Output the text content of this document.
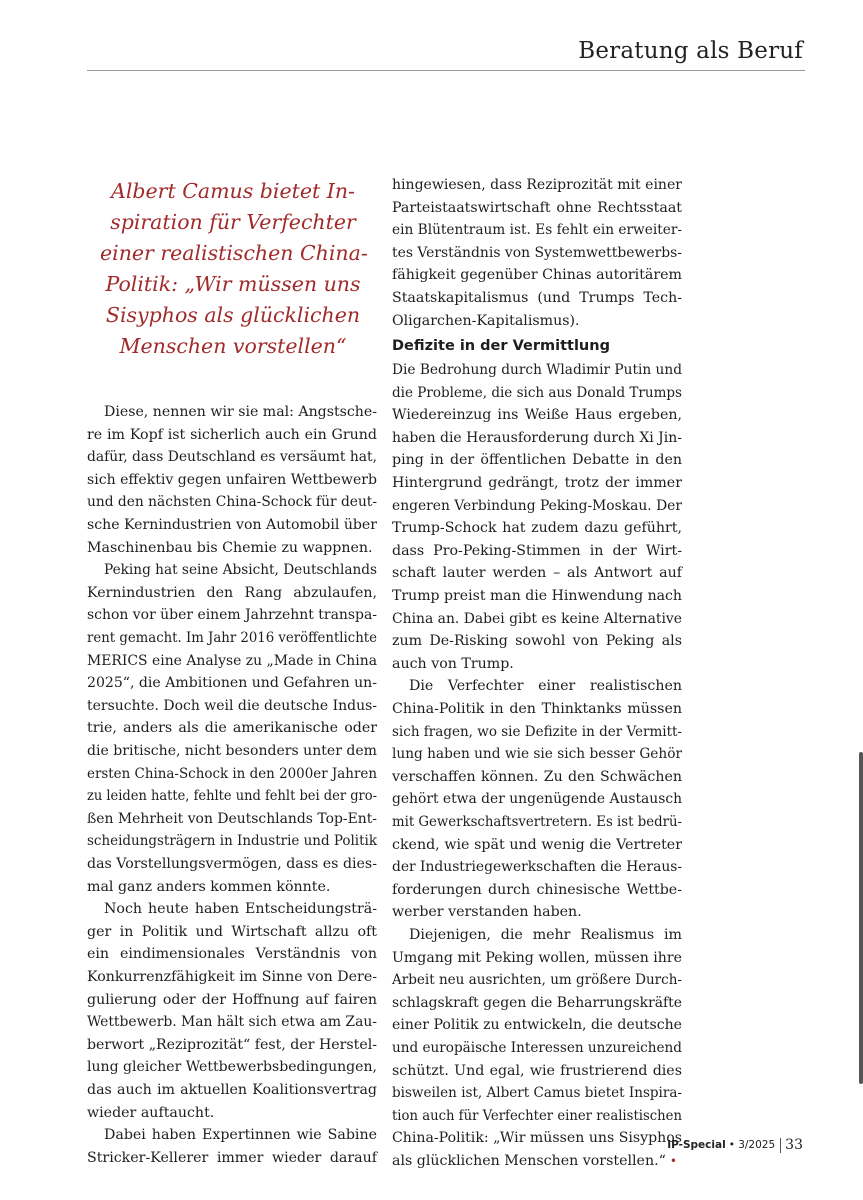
Beratung als Beruf
Albert Camus bietet In-
spiration für Verfechter
einer realistischen China-
Politik: „Wir müssen uns
Sisyphos als glücklichen
Menschen vorstellen“
Diese, nennen wir sie mal: Angstsche-
re im Kopf ist sicherlich auch ein Grund
dafür, dass Deutschland es versäumt hat,
sich effektiv gegen unfairen Wettbewerb
und den nächsten China-Schock für deut-
sche Kernindustrien von Automobil über
Maschinenbau bis Chemie zu wappnen.
Peking hat seine Absicht, Deutschlands
Kernindustrien den Rang abzulaufen,
schon vor über einem Jahrzehnt transpa-
rent gemacht. Im Jahr 2016 veröffentlichte
MERICS eine Analyse zu „Made in China
2025“, die Ambitionen und Gefahren un-
tersuchte. Doch weil die deutsche Indus-
trie, anders als die amerikanische oder
die britische, nicht besonders unter dem
ersten China-Schock in den 2000er Jahren
zu leiden hatte, fehlte und fehlt bei der gro-
ßen Mehrheit von Deutschlands Top-Ent-
scheidungsträgern in Industrie und Politik
das Vorstellungsvermögen, dass es dies-
mal ganz anders kommen könnte.
Noch heute haben Entscheidungsträ-
ger in Politik und Wirtschaft allzu oft
ein eindimensionales Verständnis von
Konkurrenzfähigkeit im Sinne von Dere-
gulierung oder der Hoffnung auf fairen
Wettbewerb. Man hält sich etwa am Zau-
berwort „Reziprozität“ fest, der Herstel-
lung gleicher Wettbewerbsbedingungen,
das auch im aktuellen Koalitionsvertrag
wieder auftaucht.
Dabei haben Expertinnen wie Sabine
Stricker-Kellerer immer wieder darauf
hingewiesen, dass Reziprozität mit einer
Parteistaatswirtschaft ohne Rechtsstaat
ein Blütentraum ist. Es fehlt ein erweiter-
tes Verständnis von Systemwettbewerbs-
fähigkeit gegenüber Chinas autoritärem
Staatskapitalismus (und Trumps Tech-
Oligarchen-Kapitalismus).
Defizite in der Vermittlung
Die Bedrohung durch Wladimir Putin und
die Probleme, die sich aus Donald Trumps
Wiedereinzug ins Weiße Haus ergeben,
haben die Herausforderung durch Xi Jin-
ping in der öffentlichen Debatte in den
Hintergrund gedrängt, trotz der immer
engeren Verbindung Peking-Moskau. Der
Trump-Schock hat zudem dazu geführt,
dass Pro-Peking-Stimmen in der Wirt-
schaft lauter werden – als Antwort auf
Trump preist man die Hinwendung nach
China an. Dabei gibt es keine Alternative
zum De-Risking sowohl von Peking als
auch von Trump.
Die Verfechter einer realistischen
China-Politik in den Thinktanks müssen
sich fragen, wo sie Defizite in der Vermitt-
lung haben und wie sie sich besser Gehör
verschaffen können. Zu den Schwächen
gehört etwa der ungenügende Austausch
mit Gewerkschaftsvertretern. Es ist bedrü-
ckend, wie spät und wenig die Vertreter
der Industriegewerkschaften die Heraus-
forderungen durch chinesische Wettbe-
werber verstanden haben.
Diejenigen, die mehr Realismus im
Umgang mit Peking wollen, müssen ihre
Arbeit neu ausrichten, um größere Durch-
schlagskraft gegen die Beharrungskräfte
einer Politik zu entwickeln, die deutsche
und europäische Interessen unzureichend
schützt. Und egal, wie frustrierend dies
bisweilen ist, Albert Camus bietet Inspira-
tion auch für Verfechter einer realistischen
China-Politik: „Wir müssen uns Sisyphos
als glücklichen Menschen vorstellen.“ •
IP-Special • 3/2025 33
